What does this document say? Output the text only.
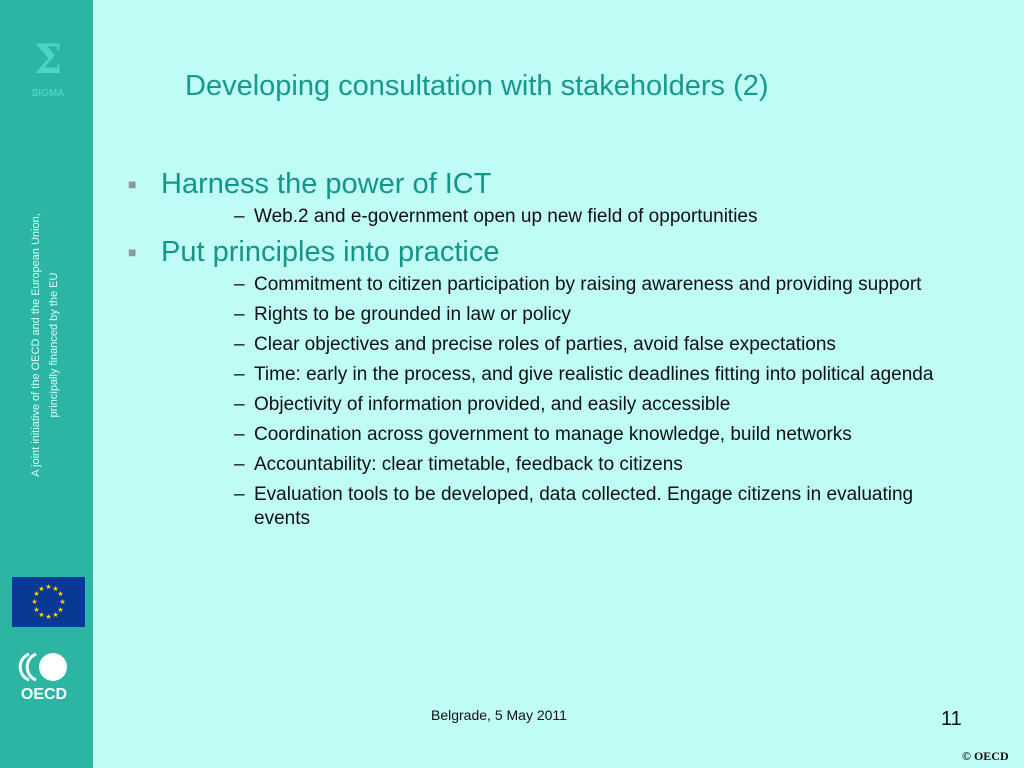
Σ
SIGMA
A joint initiative of the OECD and the European Union, principally financed by the EU
★ ★
★
★
★
★
★
★
★
★
★
★
OECD
Developing consultation with stakeholders (2)
■ Harness the power of ICT
– Web.2 and e-government open up new field of opportunities
■ Put principles into practice
– Commitment to citizen participation by raising awareness and providing support
– Rights to be grounded in law or policy
– Clear objectives and precise roles of parties, avoid false expectations
– Time: early in the process, and give realistic deadlines fitting into political agenda
– Objectivity of information provided, and easily accessible
– Coordination across government to manage knowledge, build networks
– Accountability: clear timetable, feedback to citizens
– Evaluation tools to be developed, data collected. Engage citizens in evaluating events
Belgrade, 5 May 2011	11
© OECD
